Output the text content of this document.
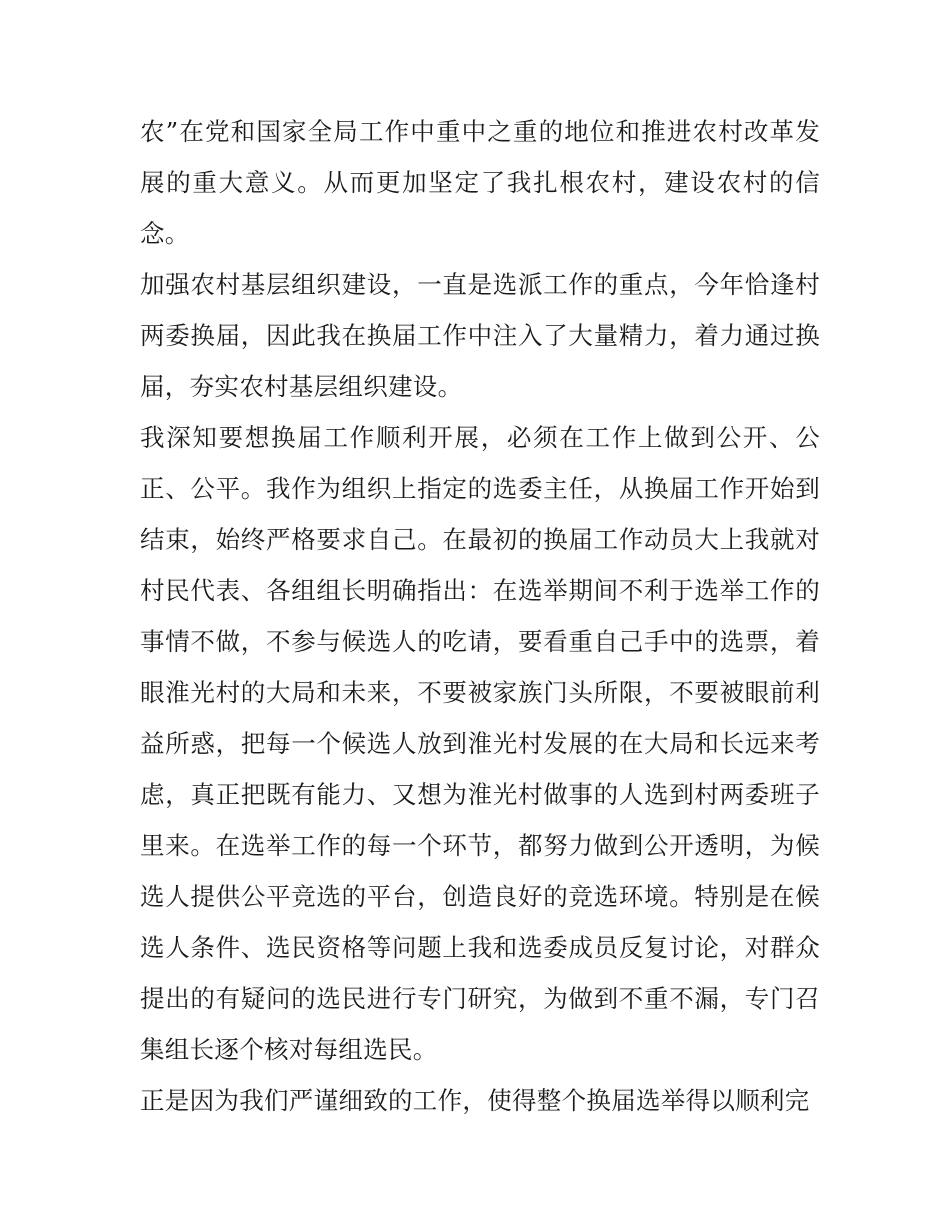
农”在党和国家全局工作中重中之重的地位和推进农村改革发展的重大意义。从而更加坚定了我扎根农村，建设农村的信念。

加强农村基层组织建设，一直是选派工作的重点，今年恰逢村两委换届，因此我在换届工作中注入了大量精力，着力通过换届，夯实农村基层组织建设。

我深知要想换届工作顺利开展，必须在工作上做到公开、公正、公平。我作为组织上指定的选委主任，从换届工作开始到结束，始终严格要求自己。在最初的换届工作动员大上我就对村民代表、各组组长明确指出：在选举期间不利于选举工作的事情不做，不参与候选人的吃请，要看重自己手中的选票，着眼淮光村的大局和未来，不要被家族门头所限，不要被眼前利益所惑，把每一个候选人放到淮光村发展的在大局和长远来考虑，真正把既有能力、又想为淮光村做事的人选到村两委班子里来。在选举工作的每一个环节，都努力做到公开透明，为候选人提供公平竞选的平台，创造良好的竞选环境。特别是在候选人条件、选民资格等问题上我和选委成员反复讨论，对群众提出的有疑问的选民进行专门研究，为做到不重不漏，专门召集组长逐个核对每组选民。

正是因为我们严谨细致的工作，使得整个换届选举得以顺利完
